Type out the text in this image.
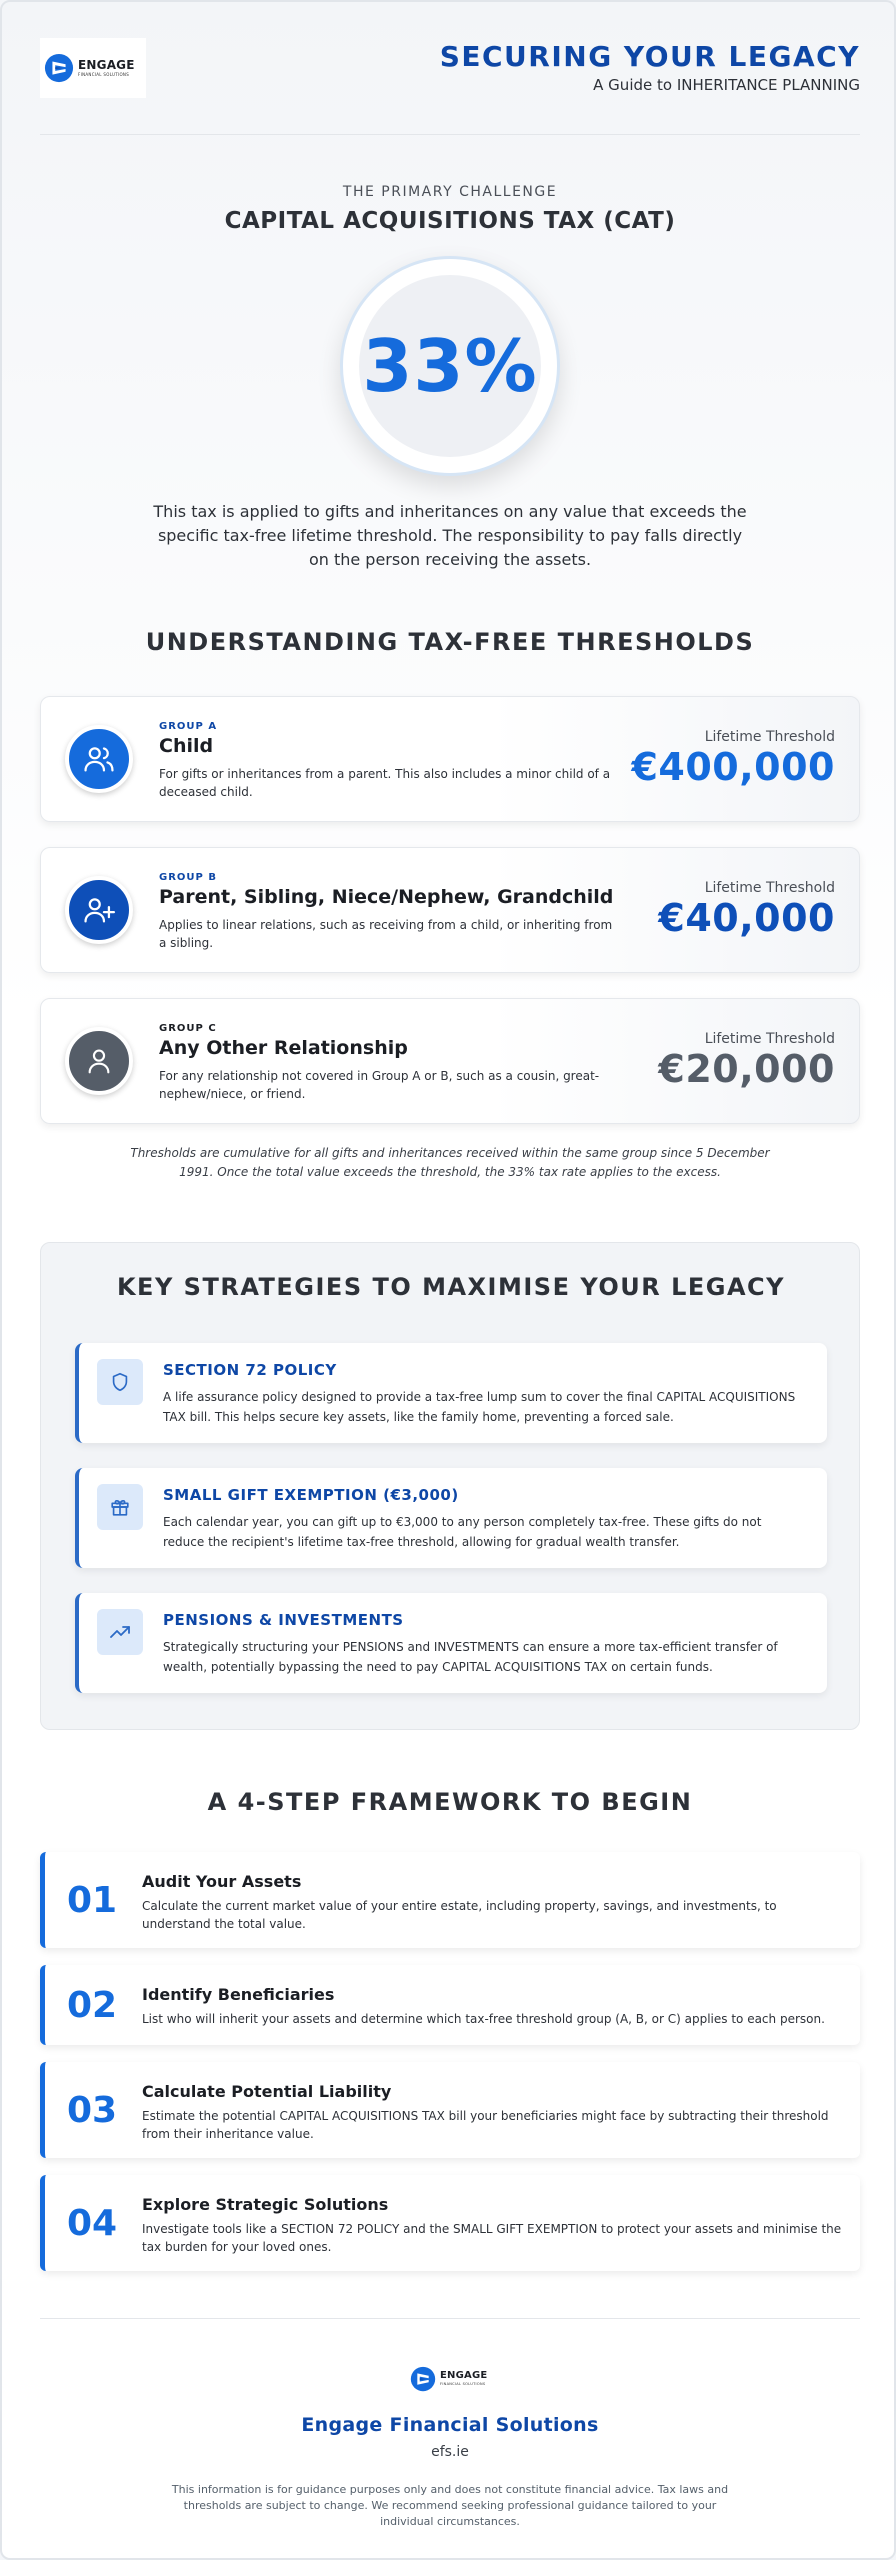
ENGAGE
FINANCIAL SOLUTIONS
SECURING YOUR LEGACY
A Guide to INHERITANCE PLANNING
THE PRIMARY CHALLENGE
CAPITAL ACQUISITIONS TAX (CAT)
33%
This tax is applied to gifts and inheritances on any value that exceeds the specific tax-free lifetime threshold. The responsibility to pay falls directly on the person receiving the assets.
UNDERSTANDING TAX-FREE THRESHOLDS
GROUP A
Child
For gifts or inheritances from a parent. This also includes a minor child of a deceased child.
Lifetime Threshold
€400,000
GROUP B
Parent, Sibling, Niece/Nephew, Grandchild
Applies to linear relations, such as receiving from a child, or inheriting from a sibling.
Lifetime Threshold
€40,000
GROUP C
Any Other Relationship
For any relationship not covered in Group A or B, such as a cousin, great-nephew/niece, or friend.
Lifetime Threshold
€20,000
Thresholds are cumulative for all gifts and inheritances received within the same group since 5 December 1991. Once the total value exceeds the threshold, the 33% tax rate applies to the excess.
KEY STRATEGIES TO MAXIMISE YOUR LEGACY
SECTION 72 POLICY
A life assurance policy designed to provide a tax-free lump sum to cover the final CAPITAL ACQUISITIONS TAX bill. This helps secure key assets, like the family home, preventing a forced sale.
SMALL GIFT EXEMPTION (€3,000)
Each calendar year, you can gift up to €3,000 to any person completely tax-free. These gifts do not reduce the recipient's lifetime tax-free threshold, allowing for gradual wealth transfer.
PENSIONS & INVESTMENTS
Strategically structuring your PENSIONS and INVESTMENTS can ensure a more tax-efficient transfer of wealth, potentially bypassing the need to pay CAPITAL ACQUISITIONS TAX on certain funds.
A 4-STEP FRAMEWORK TO BEGIN
01 Audit Your Assets
Calculate the current market value of your entire estate, including property, savings, and investments, to understand the total value.
02 Identify Beneficiaries
List who will inherit your assets and determine which tax-free threshold group (A, B, or C) applies to each person.
03 Calculate Potential Liability
Estimate the potential CAPITAL ACQUISITIONS TAX bill your beneficiaries might face by subtracting their threshold from their inheritance value.
04 Explore Strategic Solutions
Investigate tools like a SECTION 72 POLICY and the SMALL GIFT EXEMPTION to protect your assets and minimise the tax burden for your loved ones.
ENGAGE
FINANCIAL SOLUTIONS
Engage Financial Solutions
efs.ie
This information is for guidance purposes only and does not constitute financial advice. Tax laws and thresholds are subject to change. We recommend seeking professional guidance tailored to your individual circumstances.
